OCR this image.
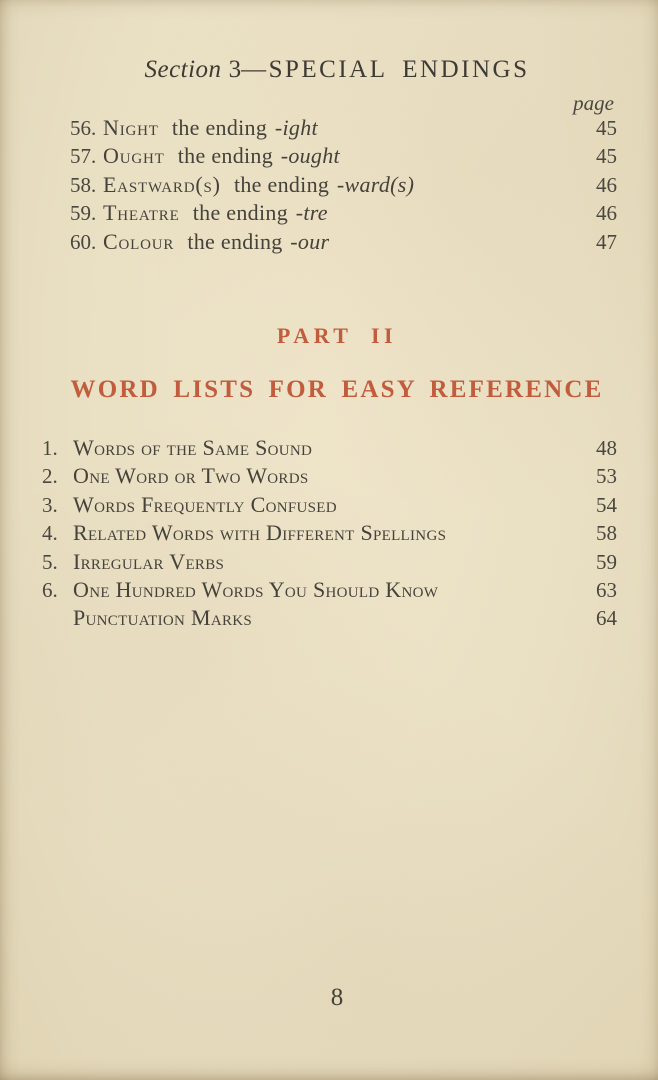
Section 3—SPECIAL ENDINGS
page
56. Night the ending -ight	45
57. Ought the ending -ought	45
58. Eastward(s) the ending -ward(s)	46
59. Theatre the ending -tre	46
60. Colour the ending -our	47
PART II
WORD LISTS FOR EASY REFERENCE
1. Words of the Same Sound	48
2. One Word or Two Words	53
3. Words Frequently Confused	54
4. Related Words with Different Spellings	58
5. Irregular Verbs	59
6. One Hundred Words You Should Know	63
Punctuation Marks	64
8
